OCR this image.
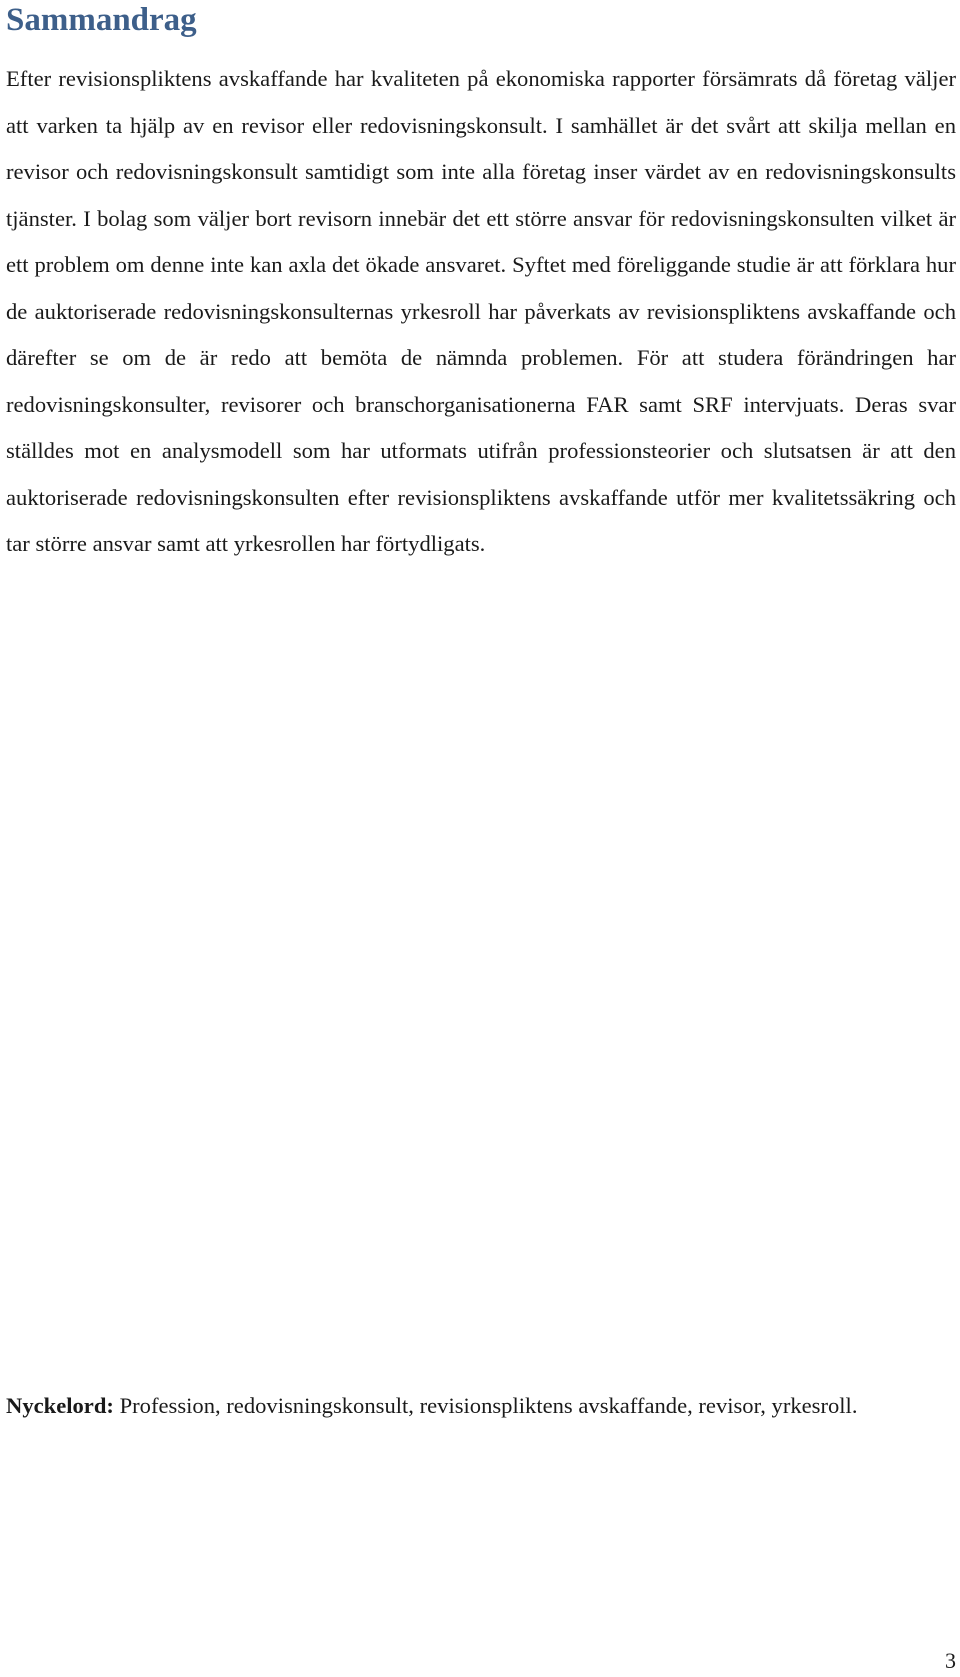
Sammandrag

Efter revisionspliktens avskaffande har kvaliteten på ekonomiska rapporter försämrats då företag väljer att varken ta hjälp av en revisor eller redovisningskonsult. I samhället är det svårt att skilja mellan en revisor och redovisningskonsult samtidigt som inte alla företag inser värdet av en redovisningskonsults tjänster. I bolag som väljer bort revisorn innebär det ett större ansvar för redovisningskonsulten vilket är ett problem om denne inte kan axla det ökade ansvaret. Syftet med föreliggande studie är att förklara hur de auktoriserade redovisningskonsulternas yrkesroll har påverkats av revisionspliktens avskaffande och därefter se om de är redo att bemöta de nämnda problemen. För att studera förändringen har redovisningskonsulter, revisorer och branschorganisationerna FAR samt SRF intervjuats. Deras svar ställdes mot en analysmodell som har utformats utifrån professionsteorier och slutsatsen är att den auktoriserade redovisningskonsulten efter revisionspliktens avskaffande utför mer kvalitetssäkring och tar större ansvar samt att yrkesrollen har förtydligats.

Nyckelord: Profession, redovisningskonsult, revisionspliktens avskaffande, revisor, yrkesroll.

3
